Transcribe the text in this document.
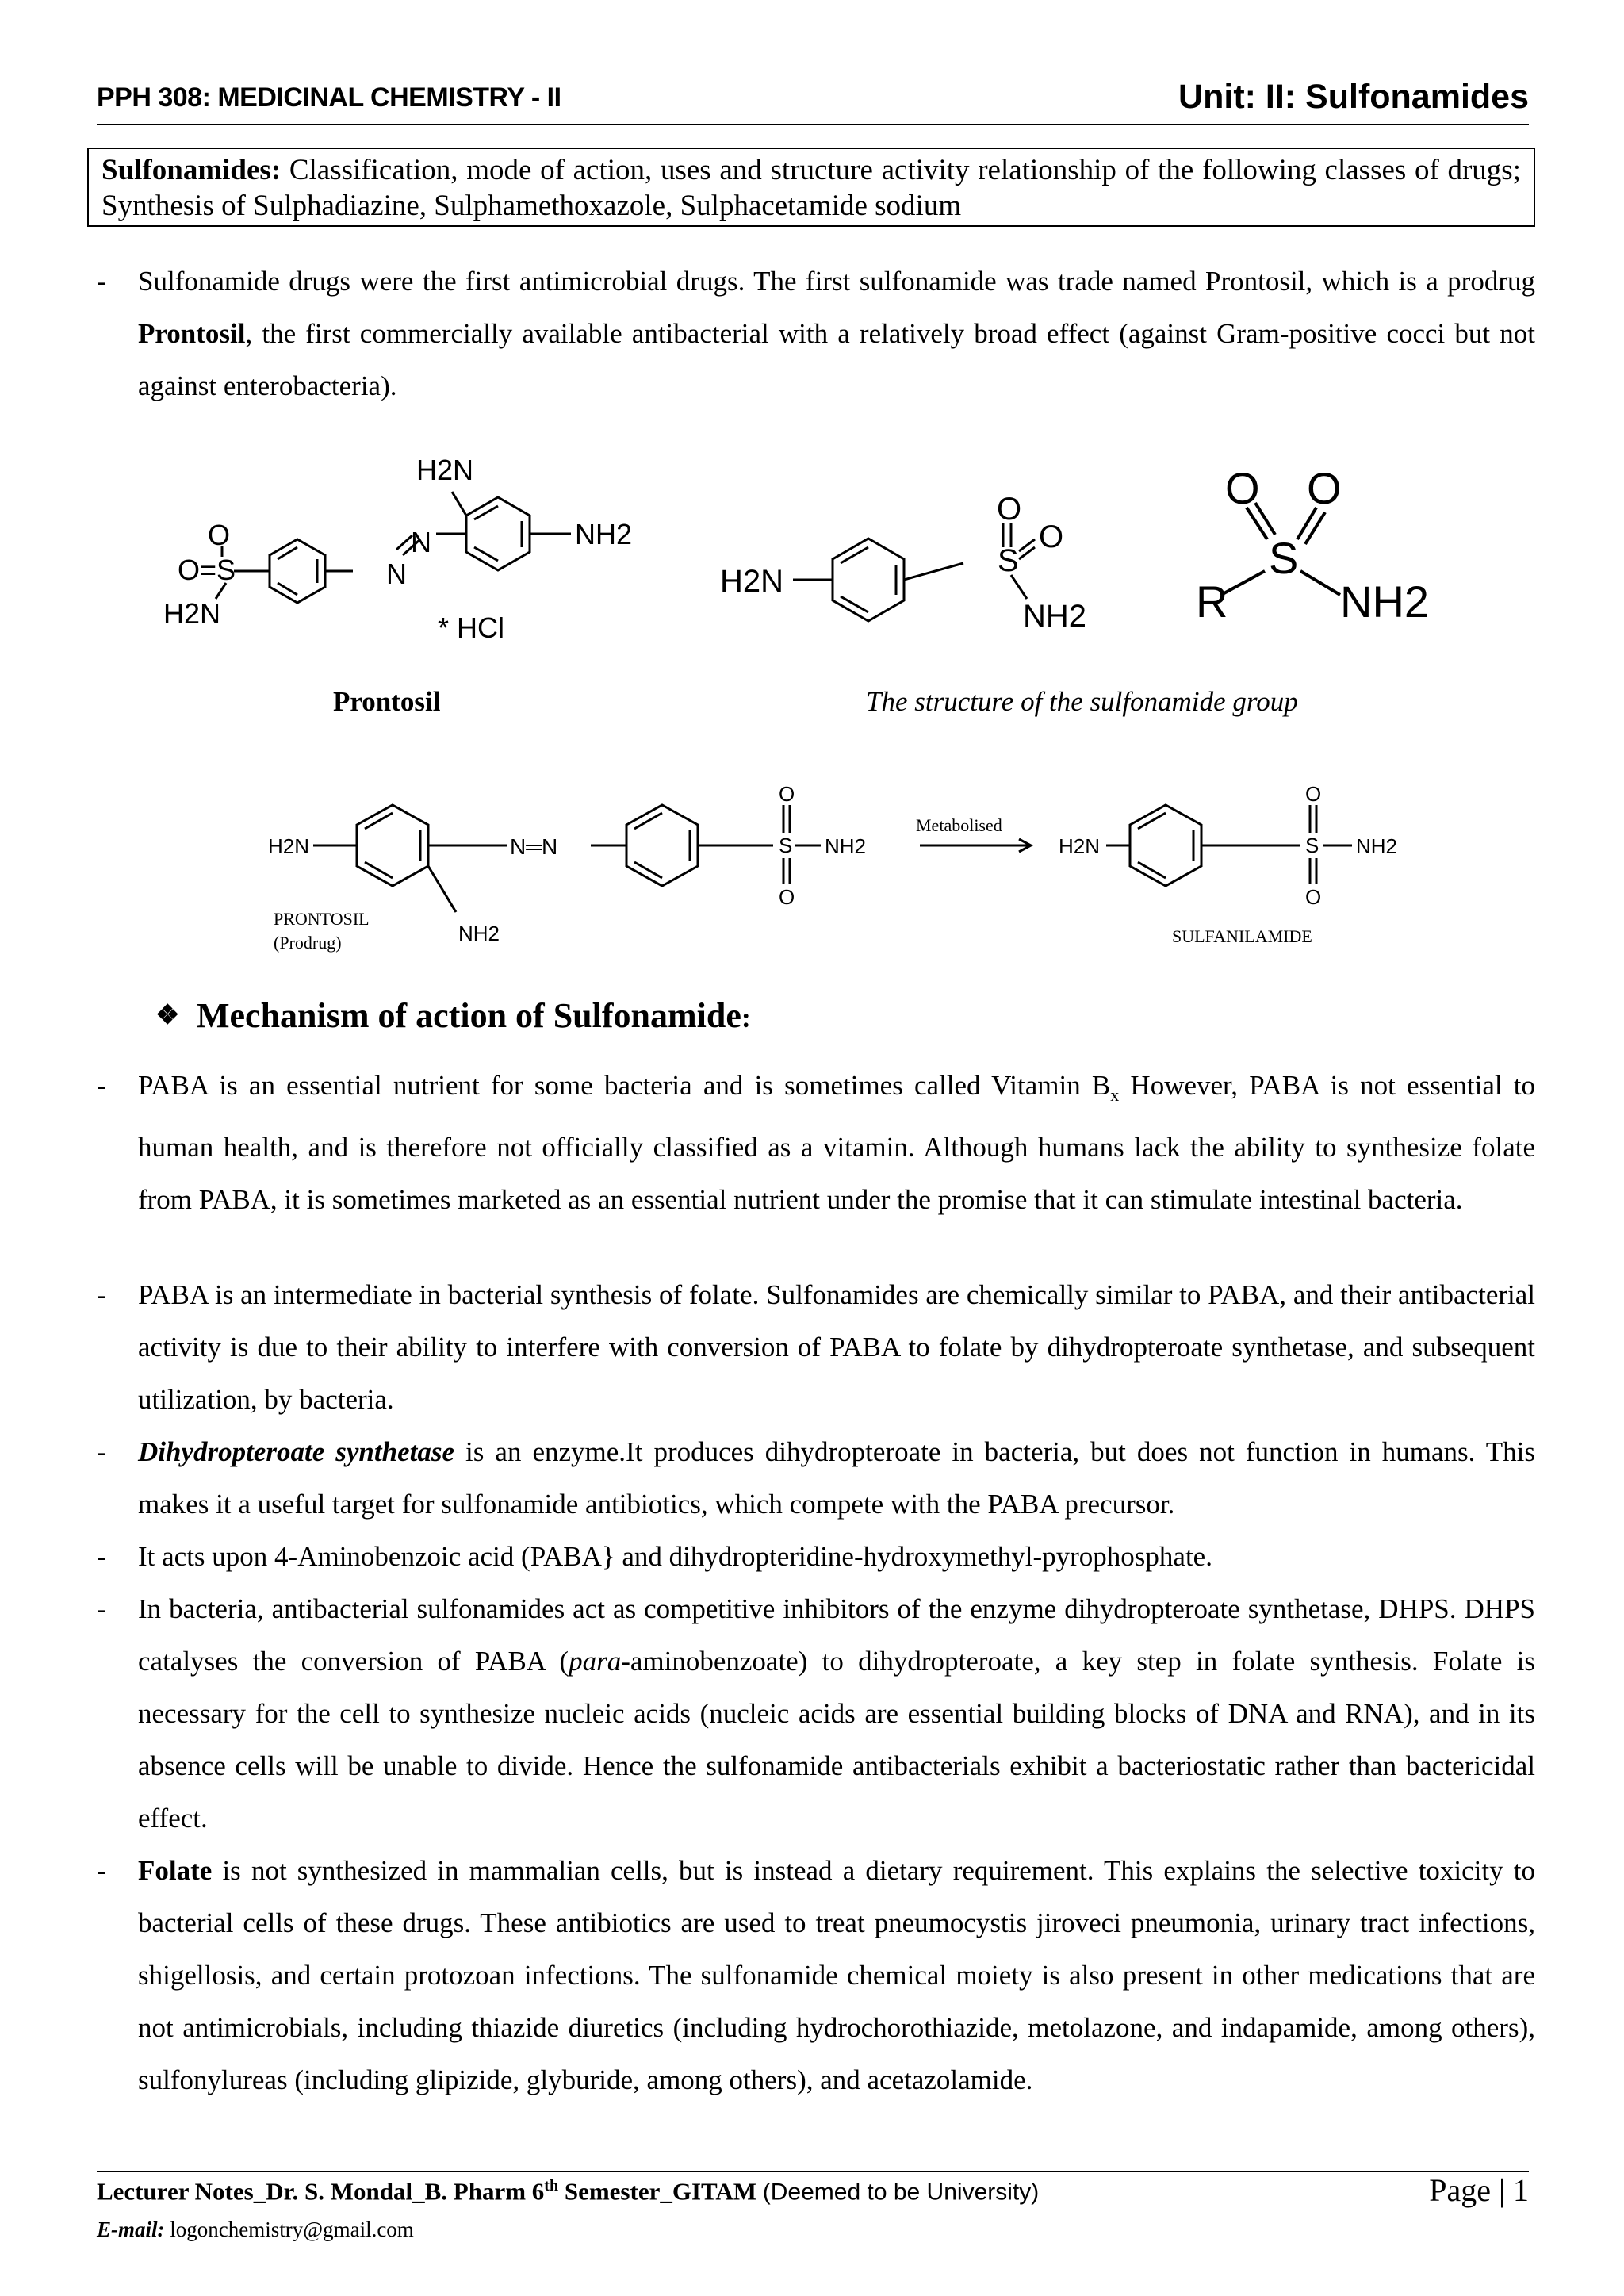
PPH 308: MEDICINAL CHEMISTRY - II	Unit: II: Sulfonamides
Sulfonamides: Classification, mode of action, uses and structure activity relationship of the following classes of drugs; Synthesis of Sulphadiazine, Sulphamethoxazole, Sulphacetamide sodium
- Sulfonamide drugs were the first antimicrobial drugs. The first sulfonamide was trade named Prontosil, which is a prodrug Prontosil, the first commercially available antibacterial with a relatively broad effect (against Gram-positive cocci but not against enterobacteria).
H2N
NH2
N
N
O
O=S
H2N	* HCl
H2N
O
S
O
NH2
O O
S
R	NH2
Prontosil	The structure of the sulfonamide group
H2N	N═N
NH2
O
S
O
NH2
PRONTOSIL
(Prodrug)
Metabolised
H2N
O
S
O
NH2
SULFANILAMIDE
❖ Mechanism of action of Sulfonamide:
- PABA is an essential nutrient for some bacteria and is sometimes called Vitamin $B_x$ However, PABA is not essential to human health, and is therefore not officially classified as a vitamin. Although humans lack the ability to synthesize folate from PABA, it is sometimes marketed as an essential nutrient under the promise that it can stimulate intestinal bacteria.
- PABA is an intermediate in bacterial synthesis of folate. Sulfonamides are chemically similar to PABA, and their antibacterial activity is due to their ability to interfere with conversion of PABA to folate by dihydropteroate synthetase, and subsequent utilization, by bacteria.
- Dihydropteroate synthetase is an enzyme.It produces dihydropteroate in bacteria, but does not function in humans. This makes it a useful target for sulfonamide antibiotics, which compete with the PABA precursor.
- It acts upon 4-Aminobenzoic acid (PABA} and dihydropteridine-hydroxymethyl-pyrophosphate.
- In bacteria, antibacterial sulfonamides act as competitive inhibitors of the enzyme dihydropteroate synthetase, DHPS. DHPS catalyses the conversion of PABA (para-aminobenzoate) to dihydropteroate, a key step in folate synthesis. Folate is necessary for the cell to synthesize nucleic acids (nucleic acids are essential building blocks of DNA and RNA), and in its absence cells will be unable to divide. Hence the sulfonamide antibacterials exhibit a bacteriostatic rather than bactericidal effect.
- Folate is not synthesized in mammalian cells, but is instead a dietary requirement. This explains the selective toxicity to bacterial cells of these drugs. These antibiotics are used to treat pneumocystis jiroveci pneumonia, urinary tract infections, shigellosis, and certain protozoan infections. The sulfonamide chemical moiety is also present in other medications that are not antimicrobials, including thiazide diuretics (including hydrochorothiazide, metolazone, and indapamide, among others), sulfonylureas (including glipizide, glyburide, among others), and acetazolamide.
Lecturer Notes_Dr. S. Mondal_B. Pharm 6th Semester_GITAM (Deemed to be University)	Page | 1
E-mail: logonchemistry@gmail.com
